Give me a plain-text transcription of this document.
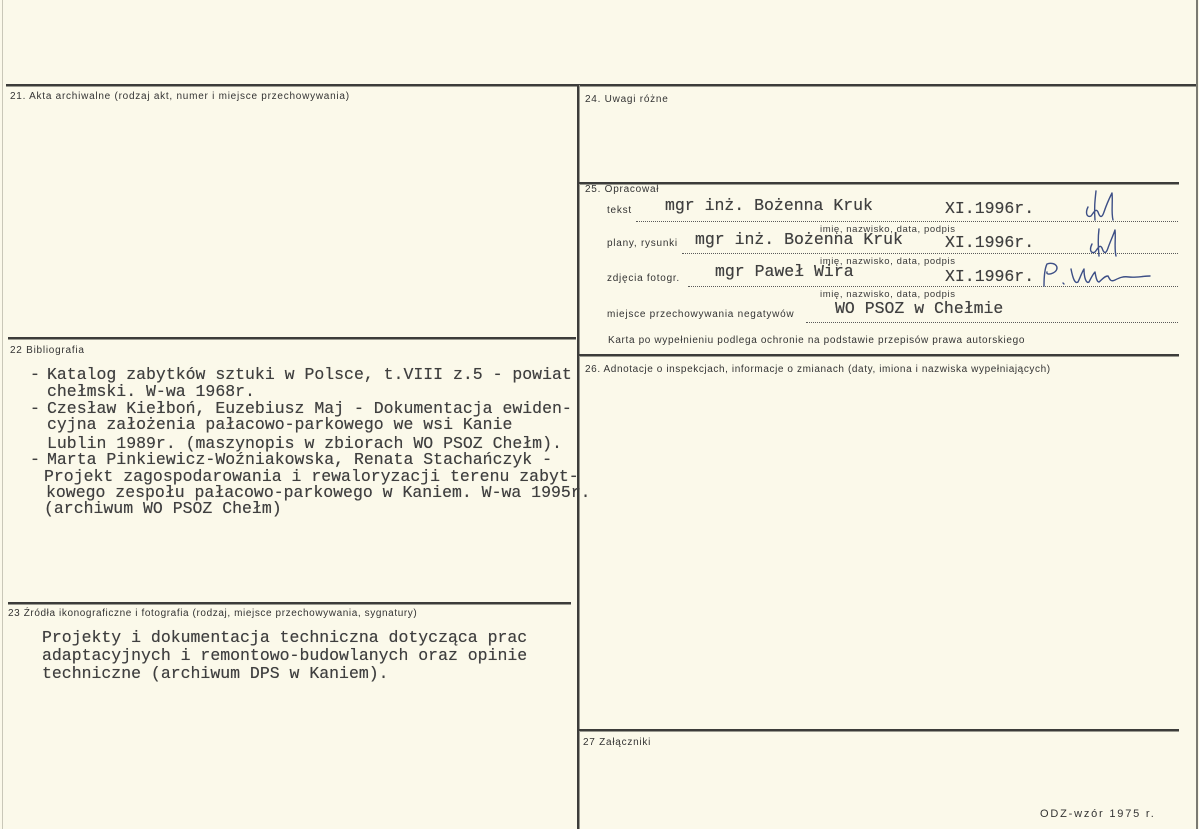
21. Akta archiwalne (rodzaj akt, numer i miejsce przechowywania)
22 Bibliografia
- Katalog zabytków sztuki w Polsce, t.VIII z.5 - powiat
chełmski. W-wa 1968r.
- Czesław Kiełboń, Euzebiusz Maj - Dokumentacja ewiden-
cyjna założenia pałacowo-parkowego we wsi Kanie
Lublin 1989r. (maszynopis w zbiorach WO PSOZ Chełm).
- Marta Pinkiewicz-Woźniakowska, Renata Stachańczyk -
Projekt zagospodarowania i rewaloryzacji terenu zabyt-
kowego zespołu pałacowo-parkowego w Kaniem. W-wa 1995r.
(archiwum WO PSOZ Chełm)
23 Źródła ikonograficzne i fotografia (rodzaj, miejsce przechowywania, sygnatury)
Projekty i dokumentacja techniczna dotycząca prac
adaptacyjnych i remontowo-budowlanych oraz opinie
techniczne (archiwum DPS w Kaniem).
24. Uwagi różne
25. Opracował
tekst mgr inż. Bożenna Kruk	XI.1996r.
imię, nazwisko, data, podpis
plany, rysunki mgr inż. Bożenna Kruk	XI.1996r.
imię, nazwisko, data, podpis
zdjęcia fotogr. mgr Paweł Wira	XI.1996r.
imię, nazwisko, data, podpis
miejsce przechowywania negatywów WO PSOZ w Chełmie
Karta po wypełnieniu podlega ochronie na podstawie przepisów prawa autorskiego
26. Adnotacje o inspekcjach, informacje o zmianach (daty, imiona i nazwiska wypełniających)
27 Załączniki
ODZ-wzór 1975 r.
